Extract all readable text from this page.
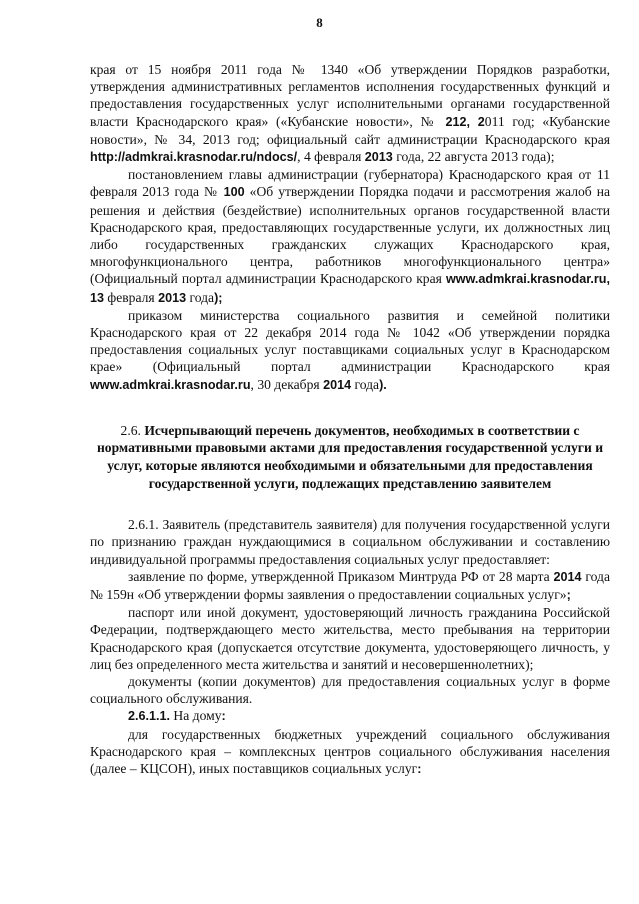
8

края от 15 ноября 2011 года № 1340 «Об утверждении Порядков разработки, утверждения административных регламентов исполнения государственных функций и предоставления государственных услуг исполнительными органами государственной власти Краснодарского края» («Кубанские новости», № 212, 2011 год; «Кубанские новости», № 34, 2013 год; официальный сайт администрации Краснодарского края http://admkrai.krasnodar.ru/ndocs/, 4 февраля 2013 года, 22 августа 2013 года);

постановлением главы администрации (губернатора) Краснодарского края от 11 февраля 2013 года № 100 «Об утверждении Порядка подачи и рассмотрения жалоб на решения и действия (бездействие) исполнительных органов государственной власти Краснодарского края, предоставляющих государственные услуги, их должностных лиц либо государственных гражданских служащих Краснодарского края, многофункционального центра, работников многофункционального центра» (Официальный портал администрации Краснодарского края www.admkrai.krasnodar.ru, 13 февраля 2013 года);

приказом министерства социального развития и семейной политики Краснодарского края от 22 декабря 2014 года № 1042 «Об утверждении порядка предоставления социальных услуг поставщиками социальных услуг в Краснодарском крае» (Официальный портал администрации Краснодарского края www.admkrai.krasnodar.ru, 30 декабря 2014 года).

2.6. Исчерпывающий перечень документов, необходимых в соответствии с нормативными правовыми актами для предоставления государственной услуги и услуг, которые являются необходимыми и обязательными для предоставления государственной услуги, подлежащих представлению заявителем

2.6.1. Заявитель (представитель заявителя) для получения государственной услуги по признанию граждан нуждающимися в социальном обслуживании и составлению индивидуальной программы предоставления социальных услуг предоставляет:

заявление по форме, утвержденной Приказом Минтруда РФ от 28 марта 2014 года № 159н «Об утверждении формы заявления о предоставлении социальных услуг»;

паспорт или иной документ, удостоверяющий личность гражданина Российской Федерации, подтверждающего место жительства, место пребывания на территории Краснодарского края (допускается отсутствие документа, удостоверяющего личность, у лиц без определенного места жительства и занятий и несовершеннолетних);

документы (копии документов) для предоставления социальных услуг в форме социального обслуживания.

2.6.1.1. На дому:

для государственных бюджетных учреждений социального обслуживания Краснодарского края – комплексных центров социального обслуживания населения (далее – КЦСОН), иных поставщиков социальных услуг:
